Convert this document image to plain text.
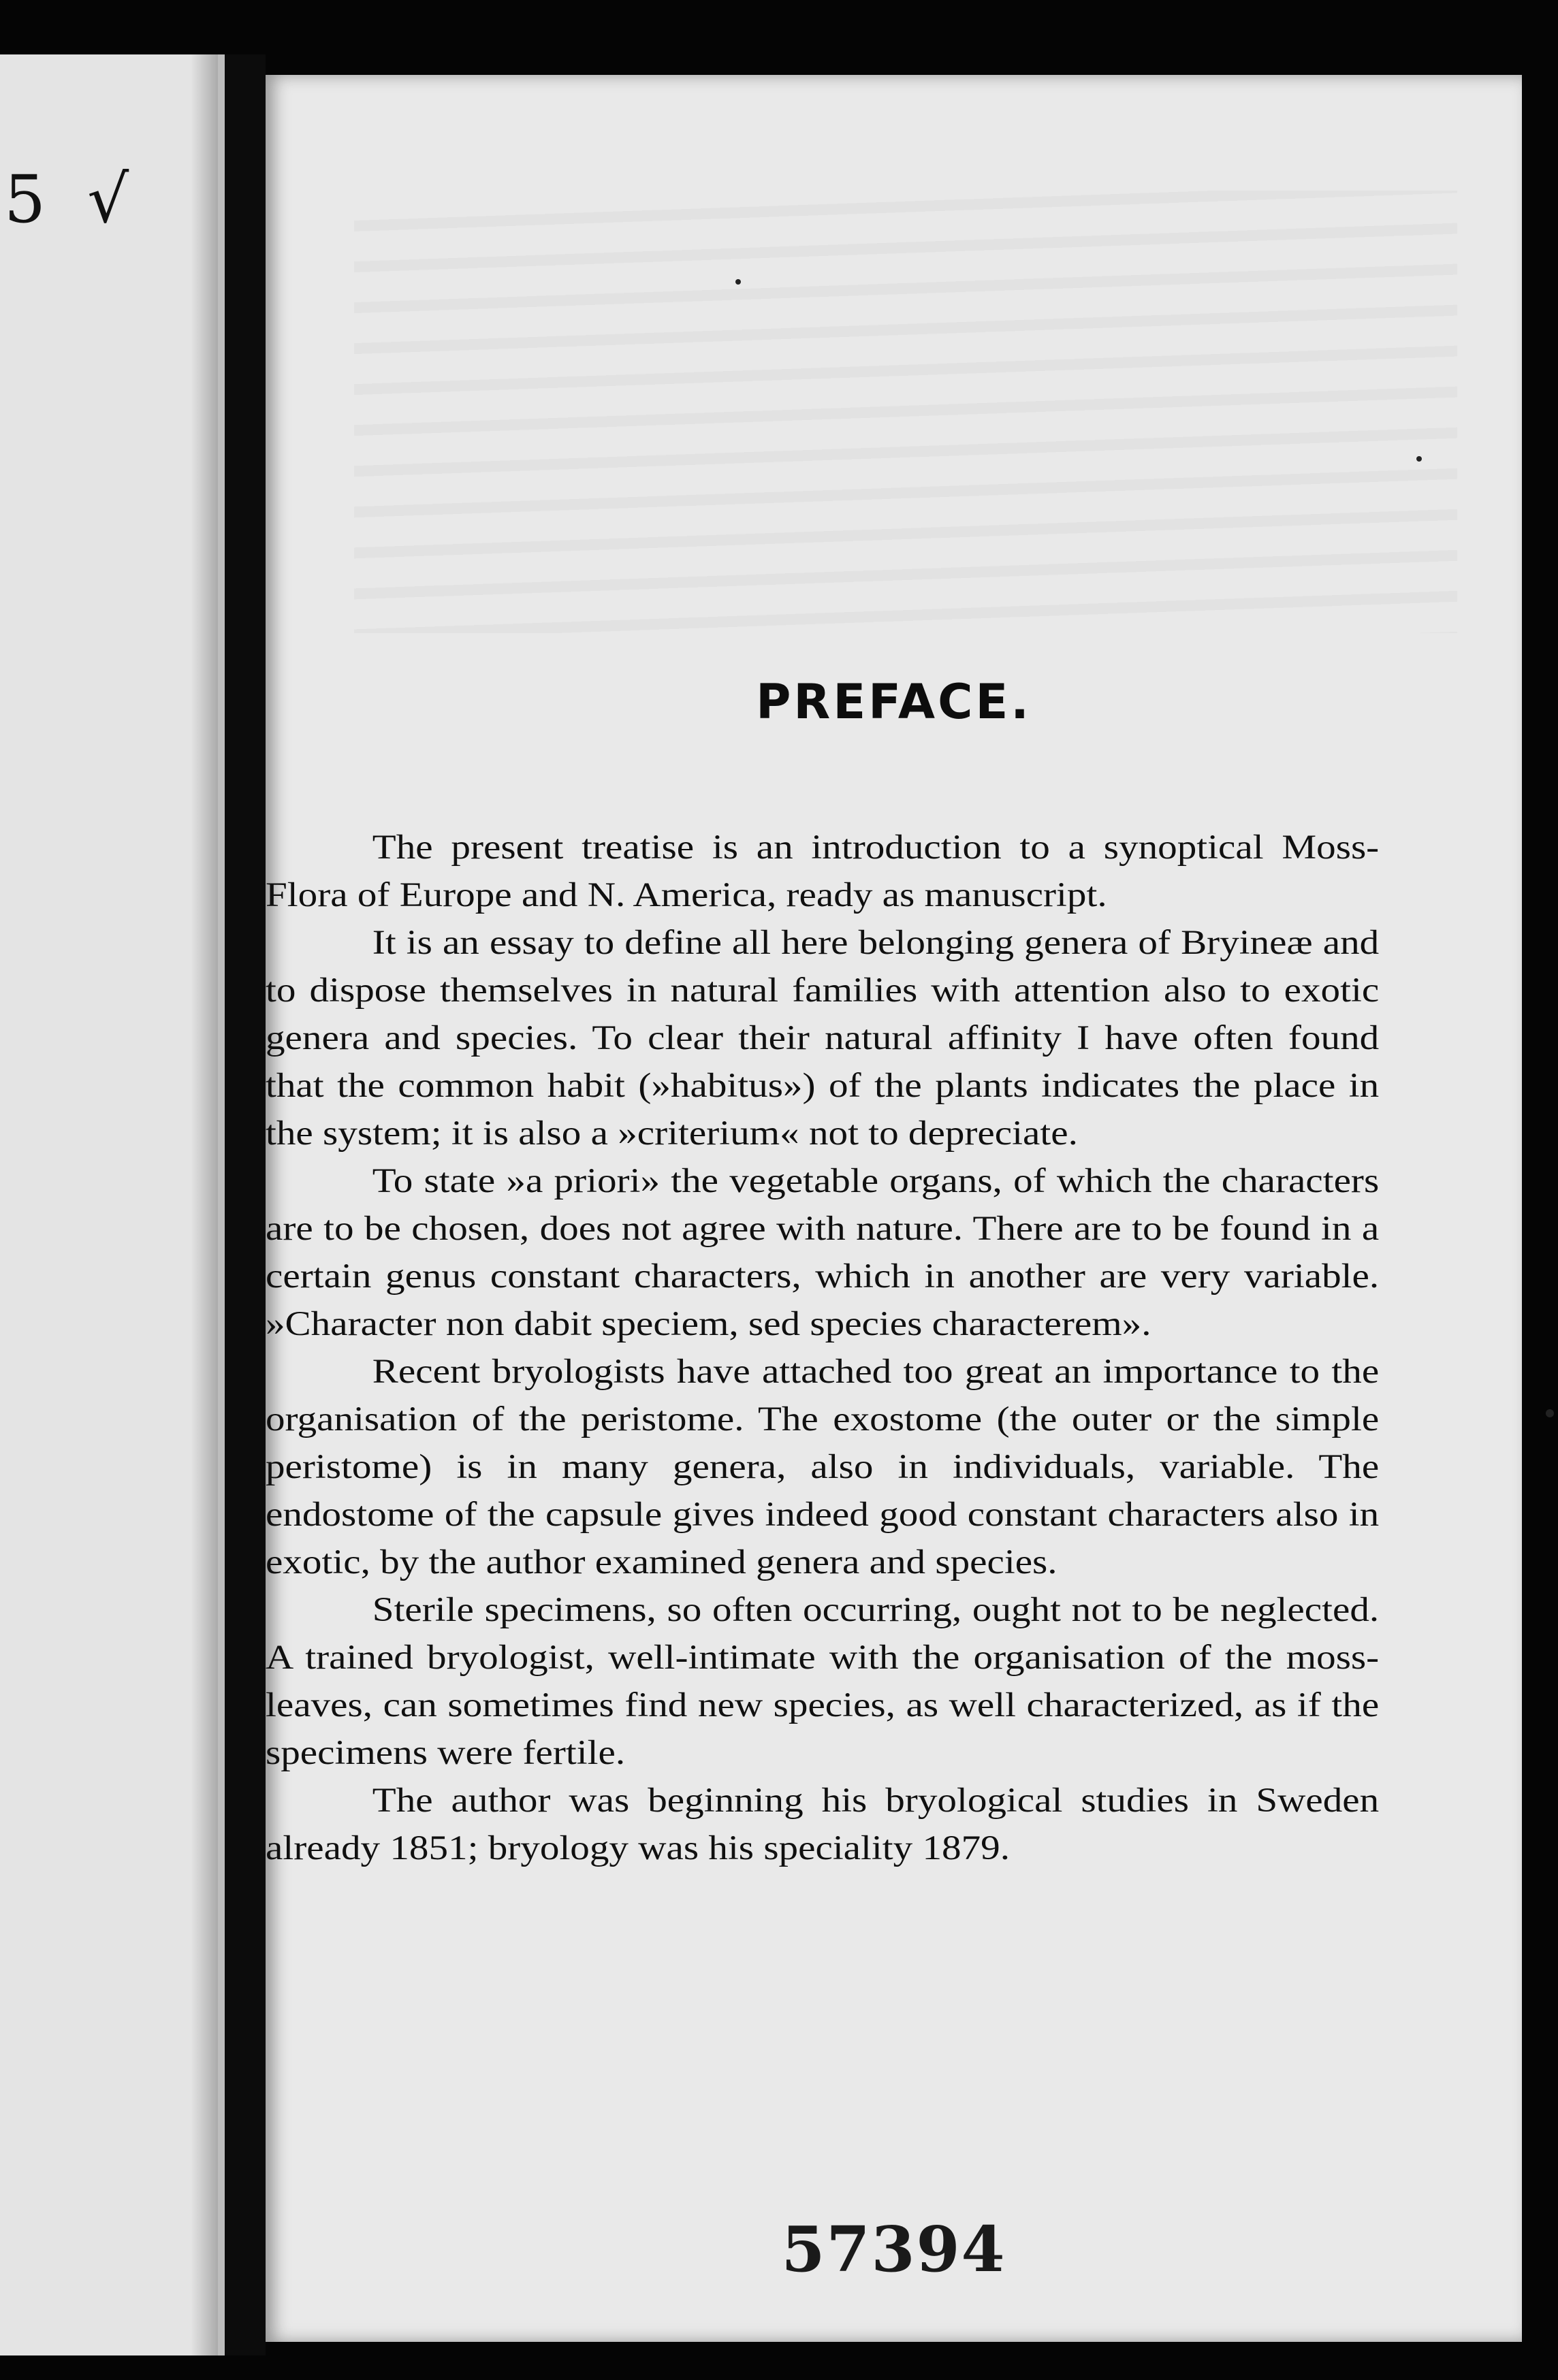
5  √
PREFACE.

The present treatise is an introduction to a synoptical Moss-Flora of Europe and N. America, ready as manuscript.

It is an essay to define all here belonging genera of Bryineæ and to dispose themselves in natural families with attention also to exotic genera and species. To clear their natural affinity I have often found that the common habit (»habitus») of the plants indicates the place in the system; it is also a »criterium« not to depreciate.

To state »a priori» the vegetable organs, of which the characters are to be chosen, does not agree with nature. There are to be found in a certain genus constant characters, which in another are very variable. »Character non dabit speciem, sed species characterem».

Recent bryologists have attached too great an importance to the organisation of the peristome. The exostome (the outer or the simple peristome) is in many genera, also in individuals, variable. The endostome of the capsule gives indeed good constant characters also in exotic, by the author examined genera and species.

Sterile specimens, so often occurring, ought not to be neglected. A trained bryologist, well-intimate with the organisation of the moss-leaves, can sometimes find new species, as well characterized, as if the specimens were fertile.

The author was beginning his bryological studies in Sweden already 1851; bryology was his speciality 1879.

57394
